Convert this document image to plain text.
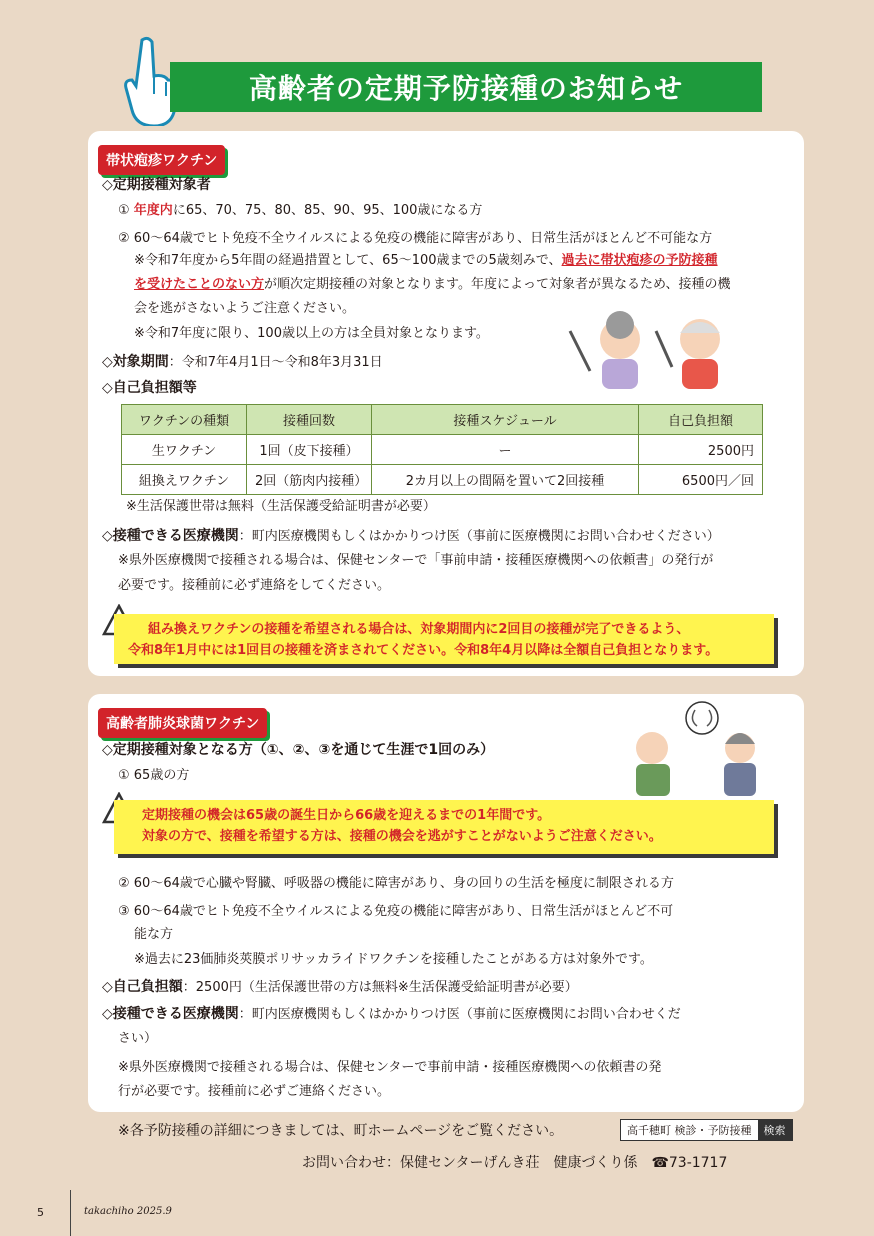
高齢者の定期予防接種のお知らせ
帯状疱疹ワクチン
◇定期接種対象者
① 年度内に65、70、75、80、85、90、95、100歳になる方
② 60～64歳でヒト免疫不全ウイルスによる免疫の機能に障害があり、日常生活がほとんど不可能な方
※令和7年度から5年間の経過措置として、65～100歳までの5歳刻みで、過去に帯状疱疹の予防接種
を受けたことのない方が順次定期接種の対象となります。年度によって対象者が異なるため、接種の機
会を逃がさないようご注意ください。
※令和7年度に限り、100歳以上の方は全員対象となります。
◇対象期間：令和7年4月1日～令和8年3月31日
◇自己負担額等
ワクチンの種類	接種回数	接種スケジュール	自己負担額
生ワクチン	1回（皮下接種）	ー	2500円
組換えワクチン	2回（筋肉内接種）	2カ月以上の間隔を置いて2回接種	6500円／回
※生活保護世帯は無料（生活保護受給証明書が必要）
◇接種できる医療機関：町内医療機関もしくはかかりつけ医（事前に医療機関にお問い合わせください）
※県外医療機関で接種される場合は、保健センターで「事前申請・接種医療機関への依頼書」の発行が
必要です。接種前に必ず連絡をしてください。
組み換えワクチンの接種を希望される場合は、対象期間内に2回目の接種が完了できるよう、
令和8年1月中には1回目の接種を済まされてください。令和8年4月以降は全額自己負担となります。
高齢者肺炎球菌ワクチン
◇定期接種対象となる方（①、②、③を通じて生涯で1回のみ）
① 65歳の方
② 60～64歳で心臓や腎臓、呼吸器の機能に障害があり、身の回りの生活を極度に制限される方
③ 60～64歳でヒト免疫不全ウイルスによる免疫の機能に障害があり、日常生活がほとんど不可
能な方
※過去に23価肺炎莢膜ポリサッカライドワクチンを接種したことがある方は対象外です。
◇自己負担額：2500円（生活保護世帯の方は無料※生活保護受給証明書が必要）
◇接種できる医療機関：町内医療機関もしくはかかりつけ医（事前に医療機関にお問い合わせくだ
さい）
※県外医療機関で接種される場合は、保健センターで事前申請・接種医療機関への依頼書の発
行が必要です。接種前に必ずご連絡ください。
定期接種の機会は65歳の誕生日から66歳を迎えるまでの1年間です。
対象の方で、接種を希望する方は、接種の機会を逃がすことがないようご注意ください。
※各予防接種の詳細につきましては、町ホームページをご覧ください。	高千穂町 検診・予防接種	検索
お問い合わせ：保健センターげんき荘　健康づくり係　☎73-1717
5	takachiho 2025.9
